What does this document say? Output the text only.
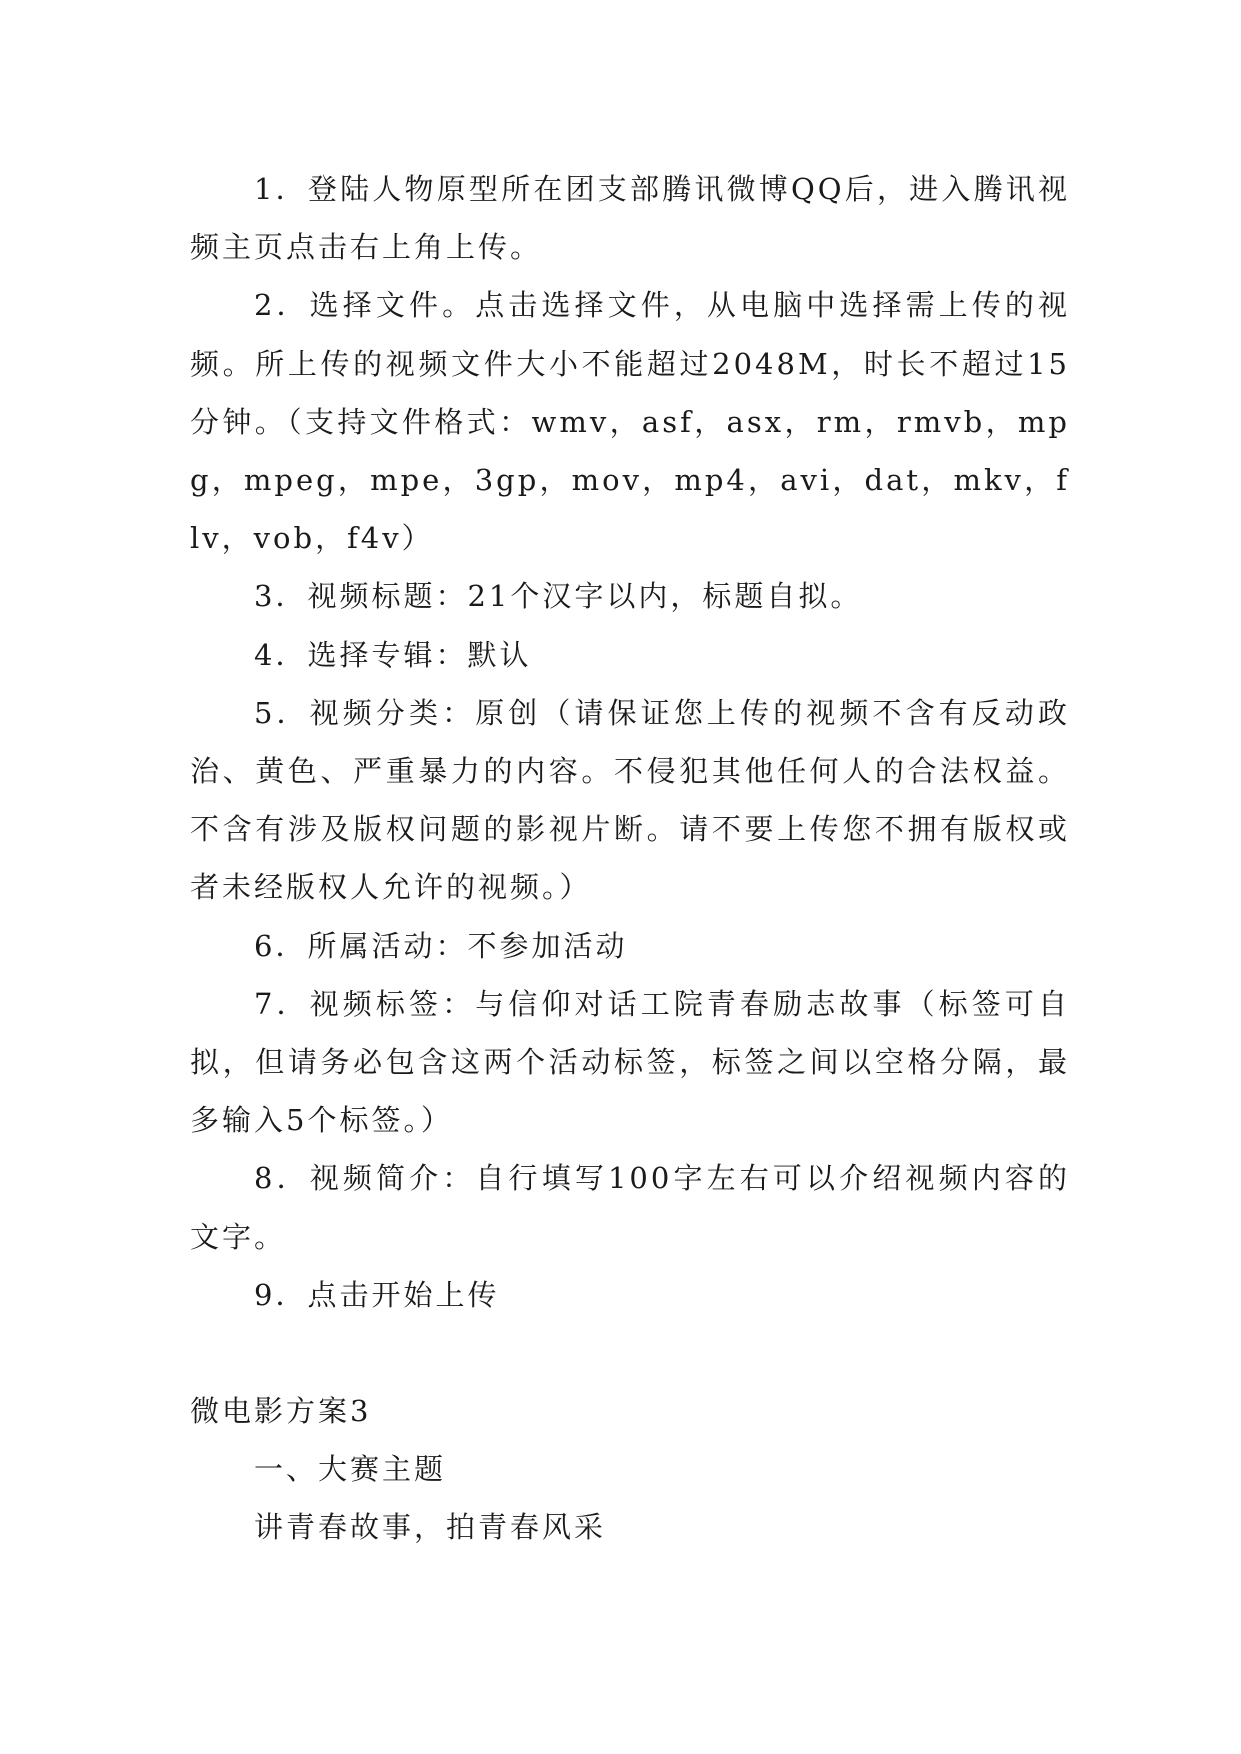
1．登陆人物原型所在团支部腾讯微博QQ后，进入腾讯视频主页点击右上角上传。

2．选择文件。点击选择文件，从电脑中选择需上传的视频。所上传的视频文件大小不能超过2048M，时长不超过15分钟。（支持文件格式：wmv，asf，asx，rm，rmvb，mpg，mpeg，mpe，3gp，mov，mp4，avi，dat，mkv，flv，vob，f4v）

3．视频标题：21个汉字以内，标题自拟。

4．选择专辑：默认

5．视频分类：原创（请保证您上传的视频不含有反动政治、黄色、严重暴力的内容。不侵犯其他任何人的合法权益。不含有涉及版权问题的影视片断。请不要上传您不拥有版权或者未经版权人允许的视频。）

6．所属活动：不参加活动

7．视频标签：与信仰对话工院青春励志故事（标签可自拟，但请务必包含这两个活动标签，标签之间以空格分隔，最多输入5个标签。）

8．视频简介：自行填写100字左右可以介绍视频内容的文字。

9．点击开始上传

微电影方案3

一、大赛主题

讲青春故事，拍青春风采
